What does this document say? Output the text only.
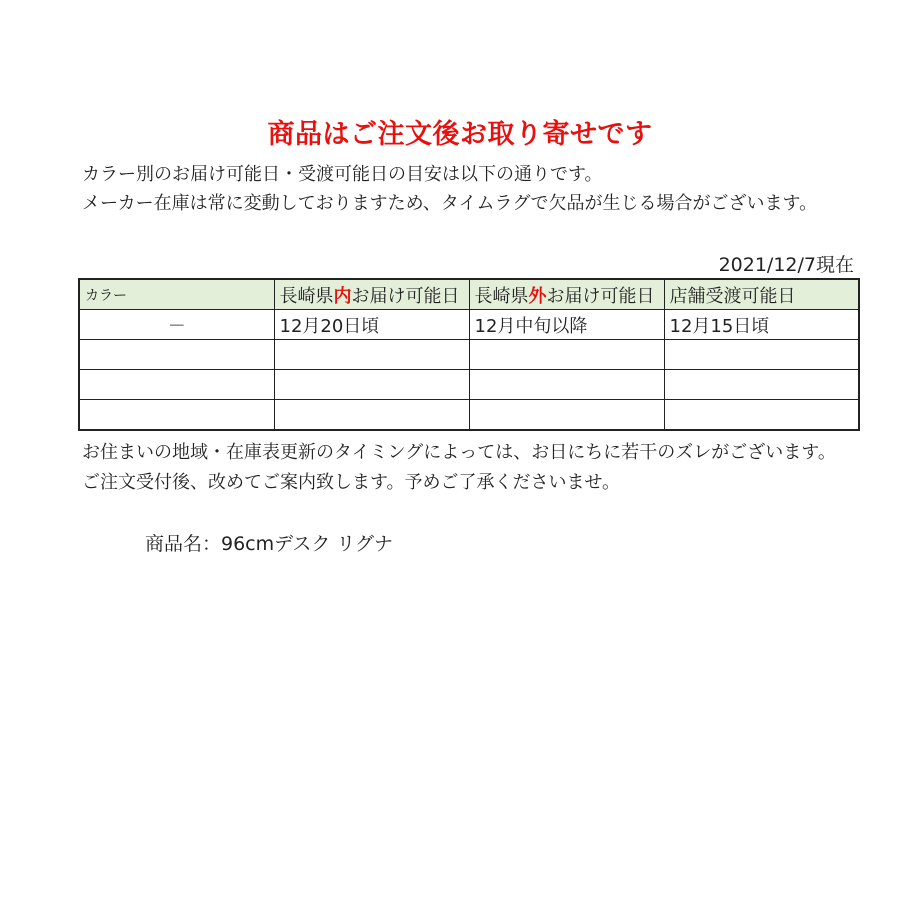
商品はご注文後お取り寄せです
カラー別のお届け可能日・受渡可能日の目安は以下の通りです。
メーカー在庫は常に変動しておりますため、タイムラグで欠品が生じる場合がございます。
2021/12/7現在
カラー	長崎県内お届け可能日	長崎県外お届け可能日	店舗受渡可能日
－	12月20日頃	12月中旬以降	12月15日頃

お住まいの地域・在庫表更新のタイミングによっては、お日にちに若干のズレがございます。
ご注文受付後、改めてご案内致します。予めご了承くださいませ。
商品名：96cmデスク リグナ
